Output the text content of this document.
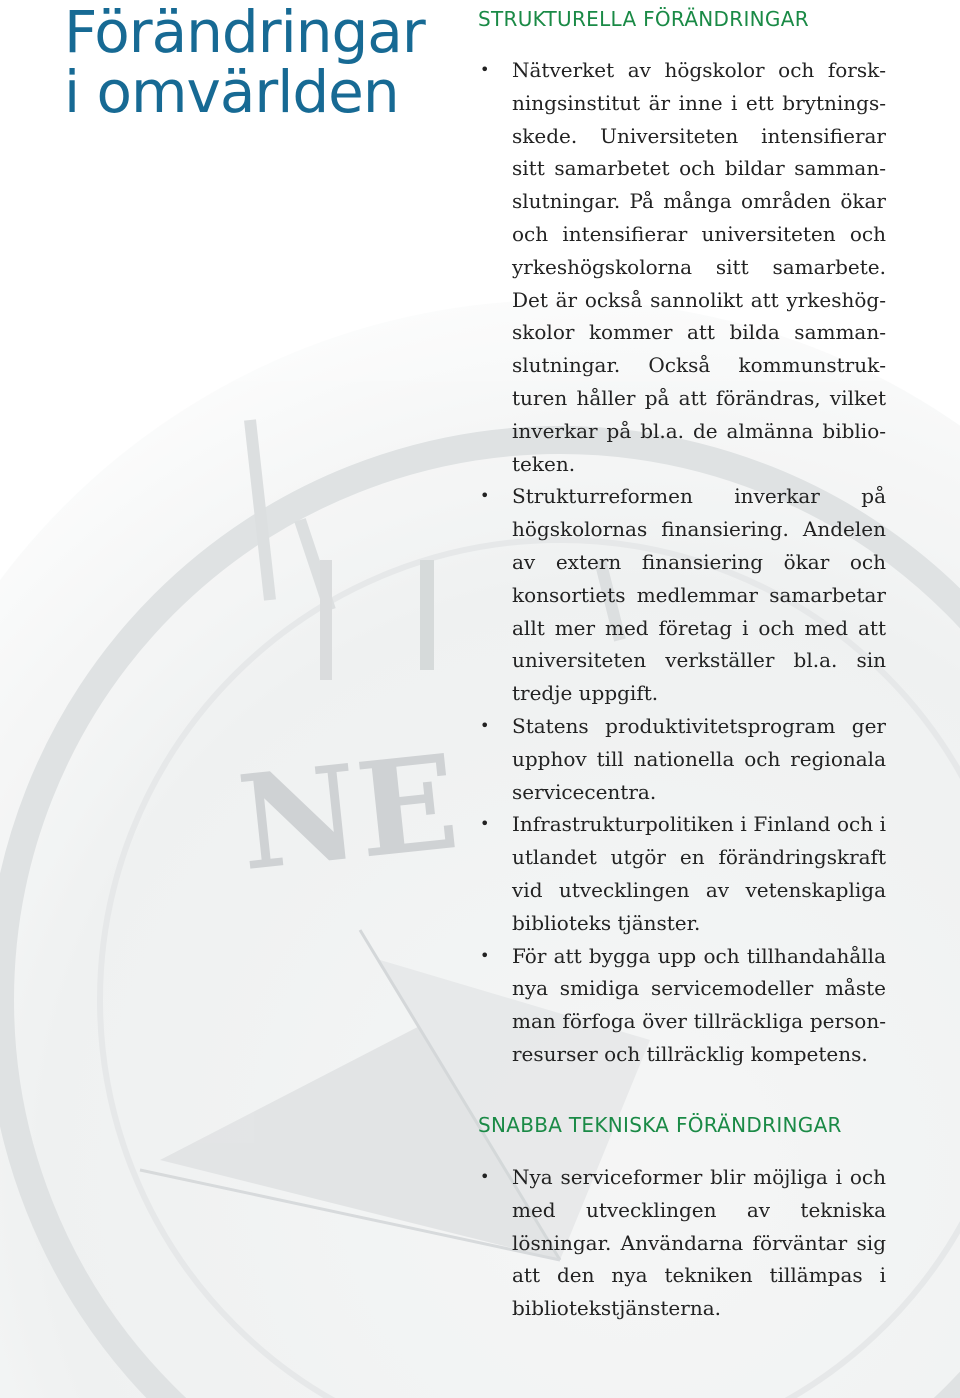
NE
Förändringar
i omvärlden
STRUKTURELLA FÖRÄNDRINGAR
• Nätverket av högskolor och forskningsinstitut är inne i ett brytningsskede. Universiteten intensifierar sitt samarbetet och bildar sammanslutningar. På många områden ökar och intensifierar universiteten och yrkeshögskolorna sitt samarbete. Det är också sannolikt att yrkeshögskolor kommer att bilda sammanslutningar. Också kommunstrukturen håller på att förändras, vilket inverkar på bl.a. de almänna biblioteken.
• Strukturreformen inverkar på högskolornas finansiering. Andelen av extern finansiering ökar och konsortiets medlemmar samarbetar allt mer med företag i och med att universiteten verkställer bl.a. sin tredje uppgift.
• Statens produktivitetsprogram ger upphov till nationella och regionala servicecentra.
• Infrastrukturpolitiken i Finland och i utlandet utgör en förändringskraft vid utvecklingen av vetenskapliga biblioteks tjänster.
• För att bygga upp och tillhandahålla nya smidiga servicemodeller måste man förfoga över tillräckliga personresurser och tillräcklig kompetens.
SNABBA TEKNISKA FÖRÄNDRINGAR
• Nya serviceformer blir möjliga i och med utvecklingen av tekniska lösningar. Användarna förväntar sig att den nya tekniken tillämpas i bibliotekstjänsterna.
